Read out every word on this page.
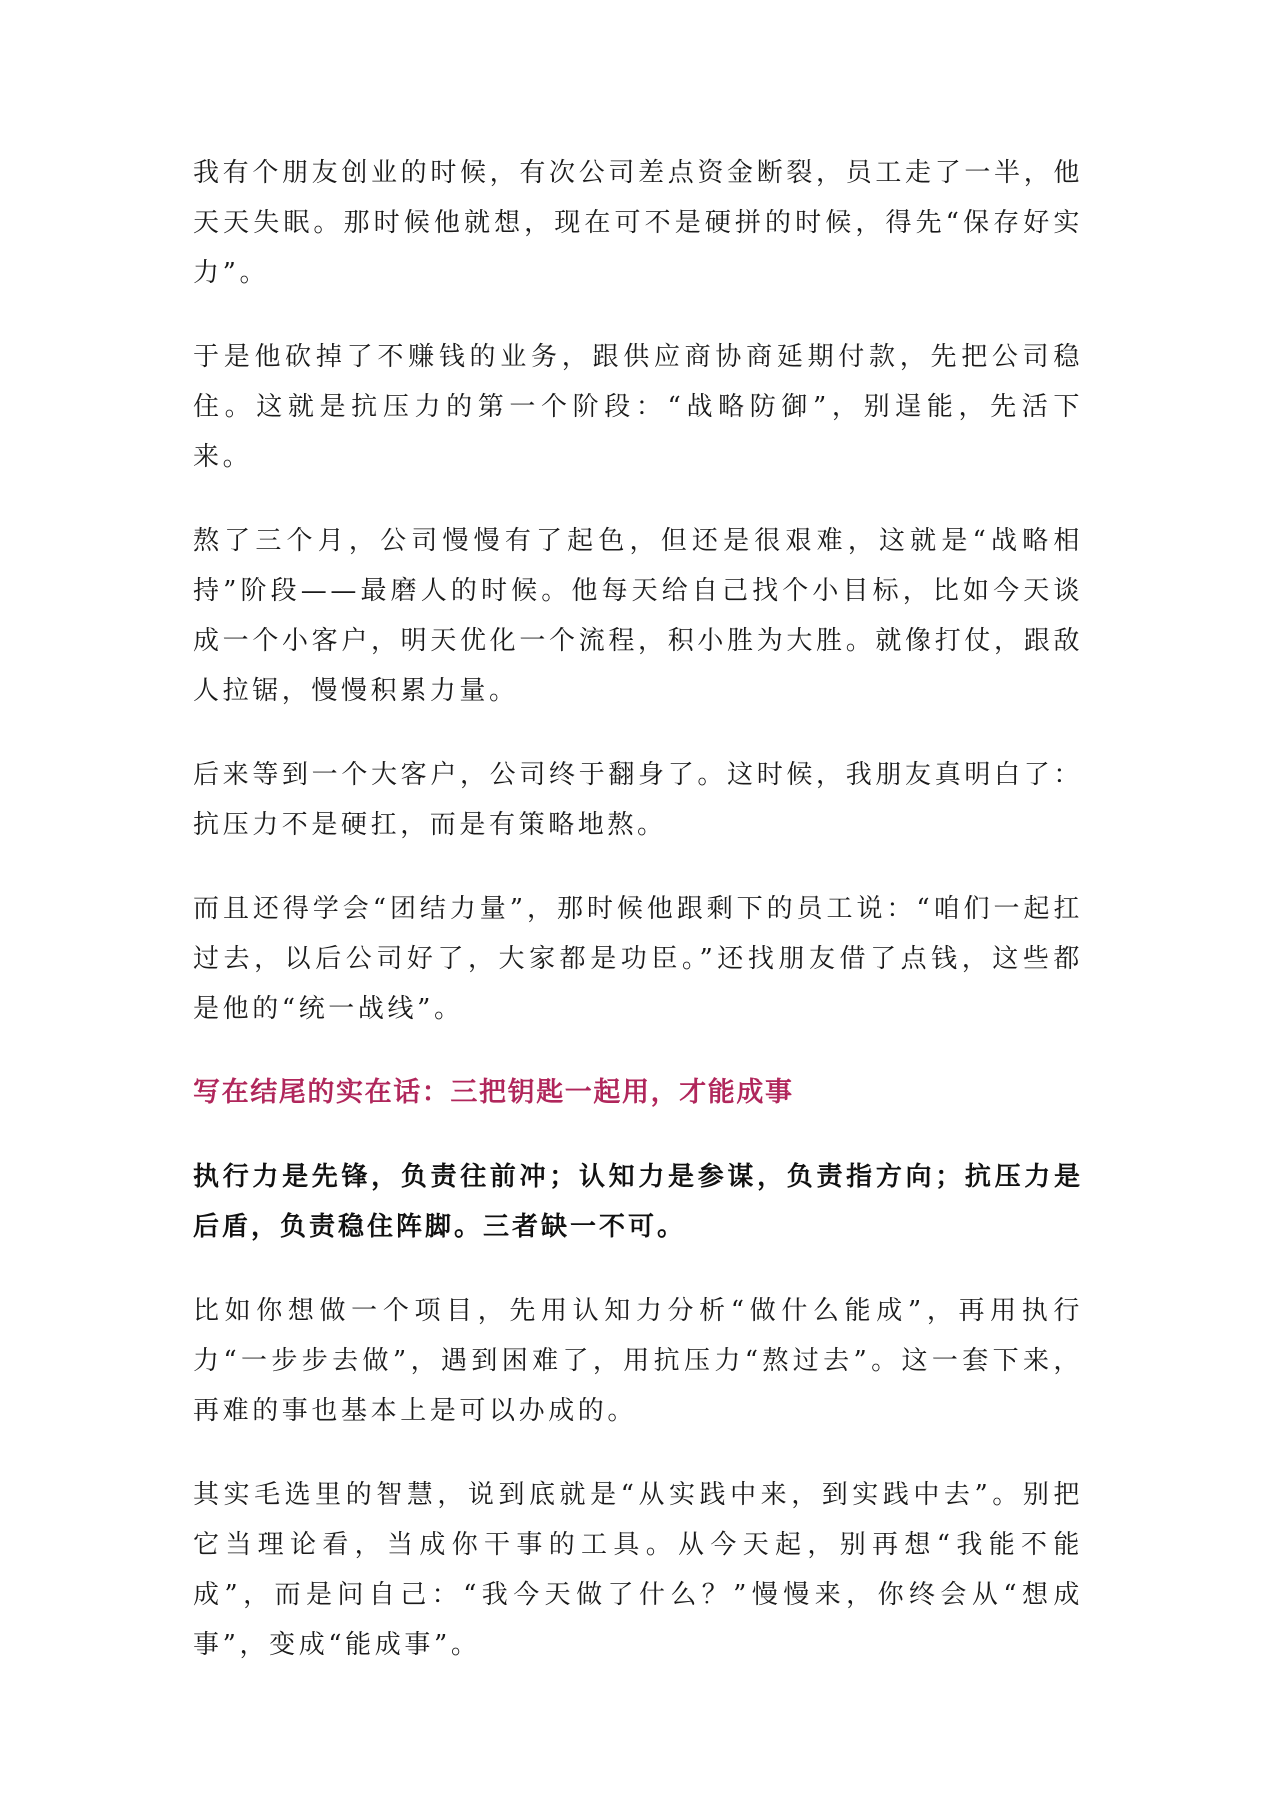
我有个朋友创业的时候，有次公司差点资金断裂，员工走了一半，他天天失眠。那时候他就想，现在可不是硬拼的时候，得先“保存好实力”。

于是他砍掉了不赚钱的业务，跟供应商协商延期付款，先把公司稳住。这就是抗压力的第一个阶段：“战略防御”，别逞能，先活下来。

熬了三个月，公司慢慢有了起色，但还是很艰难，这就是“战略相持”阶段——最磨人的时候。他每天给自己找个小目标，比如今天谈成一个小客户，明天优化一个流程，积小胜为大胜。就像打仗，跟敌人拉锯，慢慢积累力量。

后来等到一个大客户，公司终于翻身了。这时候，我朋友真明白了：抗压力不是硬扛，而是有策略地熬。

而且还得学会“团结力量”，那时候他跟剩下的员工说：“咱们一起扛过去，以后公司好了，大家都是功臣。”还找朋友借了点钱，这些都是他的“统一战线”。

写在结尾的实在话：三把钥匙一起用，才能成事

执行力是先锋，负责往前冲；认知力是参谋，负责指方向；抗压力是后盾，负责稳住阵脚。三者缺一不可。

比如你想做一个项目，先用认知力分析“做什么能成”，再用执行力“一步步去做”，遇到困难了，用抗压力“熬过去”。这一套下来，再难的事也基本上是可以办成的。

其实毛选里的智慧，说到底就是“从实践中来，到实践中去”。别把它当理论看，当成你干事的工具。从今天起，别再想“我能不能成”，而是问自己：“我今天做了什么？”慢慢来，你终会从“想成事”，变成“能成事”。
